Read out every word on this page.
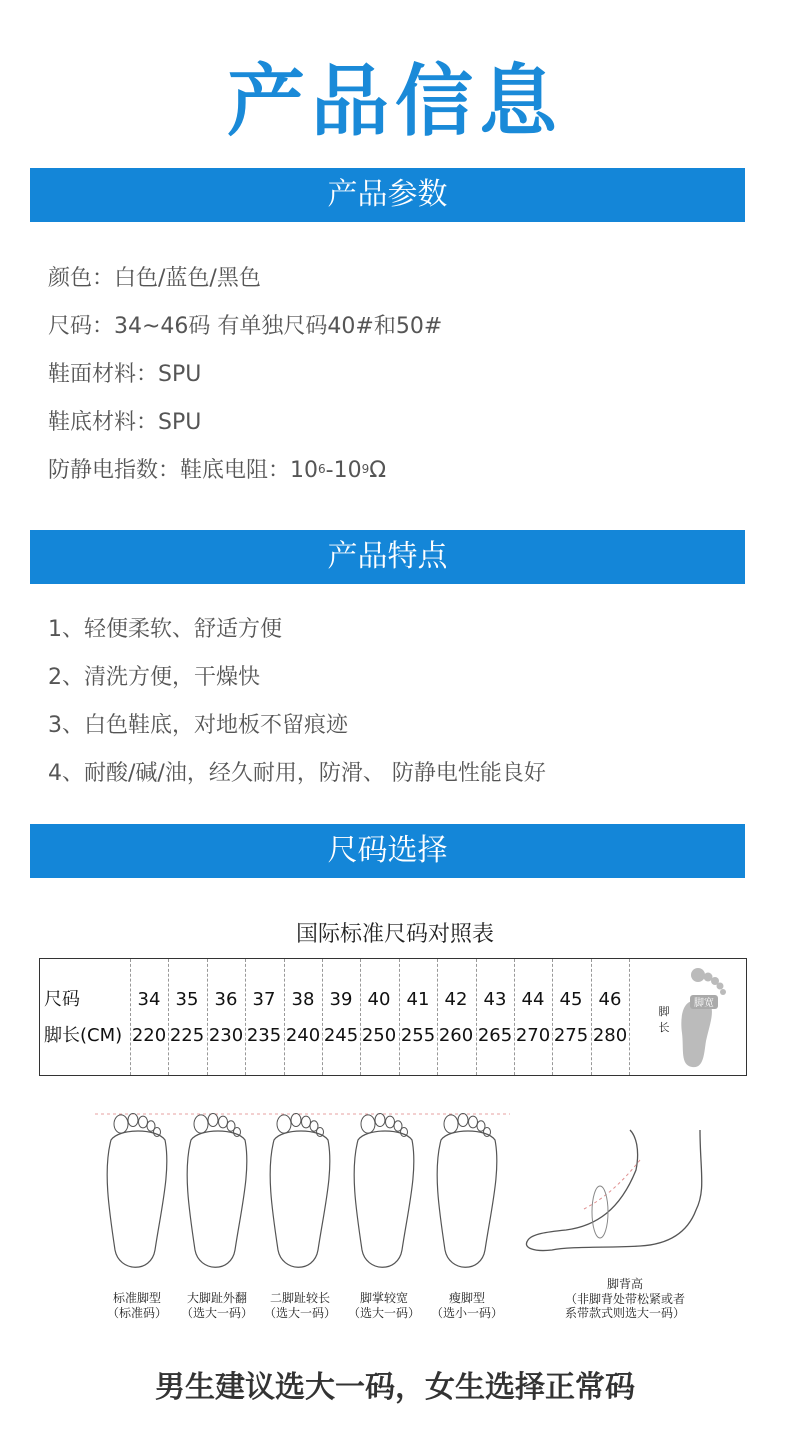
产品信息
产品参数
颜色：白色/蓝色/黑色
尺码：34~46码 有单独尺码40#和50#
鞋面材料：SPU
鞋底材料：SPU
防静电指数：鞋底电阻：$10^6-10^9\Omega$
产品特点
1、轻便柔软、舒适方便
2、清洗方便，干燥快
3、白色鞋底，对地板不留痕迹
4、耐酸/碱/油，经久耐用，防滑、 防静电性能良好
尺码选择
国际标准尺码对照表
尺码
脚长(CM)
34
220
35
225
36
230
37
235
38
240
39
245
40
250
41
255
42
260
43
265
44
270
45
275
46
280
脚宽
脚
长
标准脚型
（标准码）
大脚趾外翻
（选大一码）
二脚趾较长
（选大一码）
脚掌较宽
（选大一码）
瘦脚型
（选小一码）
脚背高
（非脚背处带松紧或者
系带款式则选大一码）
男生建议选大一码，女生选择正常码
